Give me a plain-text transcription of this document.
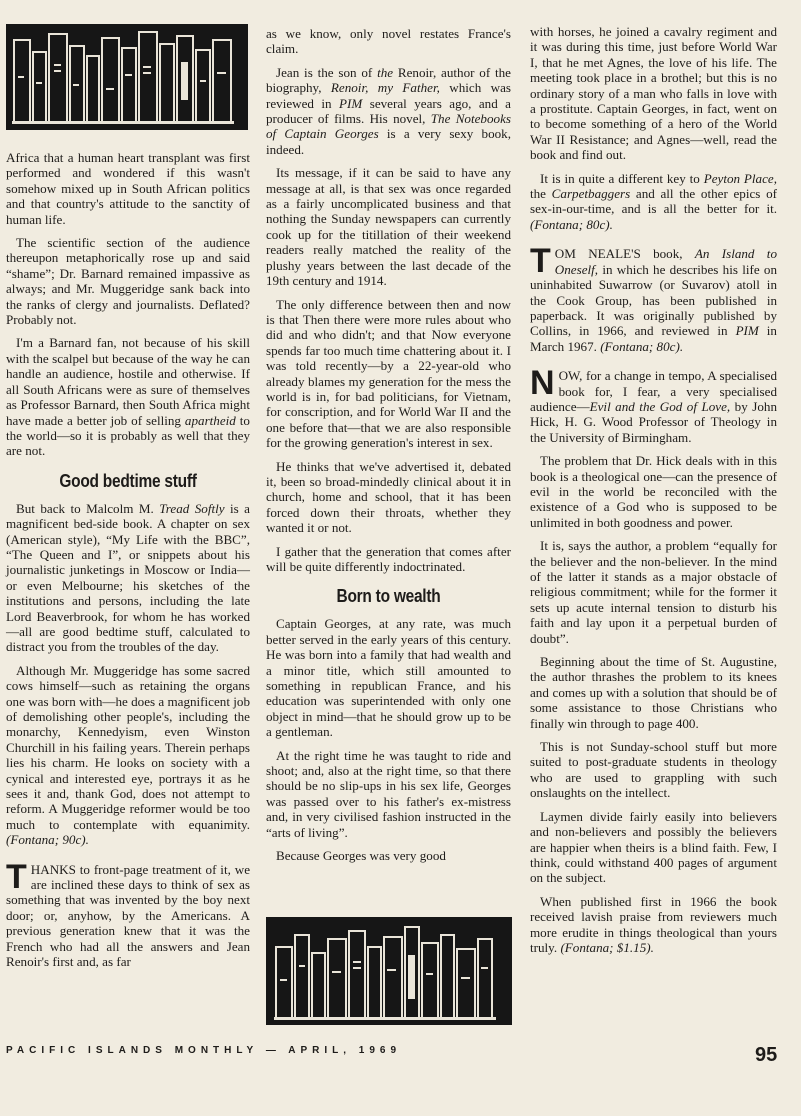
Africa that a human heart transplant was first performed and wondered if this wasn't somehow mixed up in South African politics and that country's attitude to the sanctity of human life.

The scientific section of the audience thereupon metaphorically rose up and said “shame”; Dr. Barnard remained impassive as always; and Mr. Muggeridge sank back into the ranks of clergy and journalists. Deflated? Probably not.

I'm a Barnard fan, not because of his skill with the scalpel but because of the way he can handle an audience, hostile and otherwise. If all South Africans were as sure of themselves as Professor Barnard, then South Africa might have made a better job of selling apartheid to the world—so it is probably as well that they are not.

Good bedtime stuff

But back to Malcolm M. Tread Softly is a magnificent bed-side book. A chapter on sex (American style), “My Life with the BBC”, “The Queen and I”, or snippets about his journalistic junketings in Moscow or India—or even Melbourne; his sketches of the institutions and persons, including the late Lord Beaverbrook, for whom he has worked—all are good bedtime stuff, calculated to distract you from the troubles of the day.

Although Mr. Muggeridge has some sacred cows himself—such as retaining the organs one was born with—he does a magnificent job of demolishing other people's, including the monarchy, Kennedyism, even Winston Churchill in his failing years. Therein perhaps lies his charm. He looks on society with a cynical and interested eye, portrays it as he sees it and, thank God, does not attempt to reform. A Muggeridge reformer would be too much to contemplate with equanimity. (Fontana; 90c).

THANKS to front-page treatment of it, we are inclined these days to think of sex as something that was invented by the boy next door; or, anyhow, by the Americans. A previous generation knew that it was the French who had all the answers and Jean Renoir's first and, as far

as we know, only novel restates France's claim.

Jean is the son of the Renoir, author of the biography, Renoir, my Father, which was reviewed in PIM several years ago, and a producer of films. His novel, The Notebooks of Captain Georges is a very sexy book, indeed.

Its message, if it can be said to have any message at all, is that sex was once regarded as a fairly uncomplicated business and that nothing the Sunday newspapers can currently cook up for the titillation of their weekend readers really matched the reality of the plushy years between the last decade of the 19th century and 1914.

The only difference between then and now is that Then there were more rules about who did and who didn't; and that Now everyone spends far too much time chattering about it. I was told recently—by a 22-year-old who already blames my generation for the mess the world is in, for bad politicians, for Vietnam, for conscription, and for World War II and the one before that—that we are also responsible for the growing generation's interest in sex.

He thinks that we've advertised it, debated it, been so broad-mindedly clinical about it in church, home and school, that it has been forced down their throats, whether they wanted it or not.

I gather that the generation that comes after will be quite differently indoctrinated.

Born to wealth

Captain Georges, at any rate, was much better served in the early years of this century. He was born into a family that had wealth and a minor title, which still amounted to something in republican France, and his education was superintended with only one object in mind—that he should grow up to be a gentleman.

At the right time he was taught to ride and shoot; and, also at the right time, so that there should be no slip-ups in his sex life, Georges was passed over to his father's ex-mistress and, in very civilised fashion instructed in the “arts of living”.

Because Georges was very good

with horses, he joined a cavalry regiment and it was during this time, just before World War I, that he met Agnes, the love of his life. The meeting took place in a brothel; but this is no ordinary story of a man who falls in love with a prostitute. Captain Georges, in fact, went on to become something of a hero of the World War II Resistance; and Agnes—well, read the book and find out.

It is in quite a different key to Peyton Place, the Carpetbaggers and all the other epics of sex-in-our-time, and is all the better for it. (Fontana; 80c).

TOM NEALE'S book, An Island to Oneself, in which he describes his life on uninhabited Suwarrow (or Suvarov) atoll in the Cook Group, has been published in paperback. It was originally published by Collins, in 1966, and reviewed in PIM in March 1967. (Fontana; 80c).

NOW, for a change in tempo, A specialised book for, I fear, a very specialised audience—Evil and the God of Love, by John Hick, H. G. Wood Professor of Theology in the University of Birmingham.

The problem that Dr. Hick deals with in this book is a theological one—can the presence of evil in the world be reconciled with the existence of a God who is supposed to be unlimited in both goodness and power.

It is, says the author, a problem “equally for the believer and the non-believer. In the mind of the latter it stands as a major obstacle of religious commitment; while for the former it sets up acute internal tension to disturb his faith and lay upon it a perpetual burden of doubt”.

Beginning about the time of St. Augustine, the author thrashes the problem to its knees and comes up with a solution that should be of some assistance to those Christians who finally win through to page 400.

This is not Sunday-school stuff but more suited to post-graduate students in theology who are used to grappling with such onslaughts on the intellect.

Laymen divide fairly easily into believers and non-believers and possibly the believers are happier when theirs is a blind faith. Few, I think, could withstand 400 pages of argument on the subject.

When published first in 1966 the book received lavish praise from reviewers much more erudite in things theological than yours truly. (Fontana; $1.15).

PACIFIC ISLANDS MONTHLY — APRIL, 1969	95
